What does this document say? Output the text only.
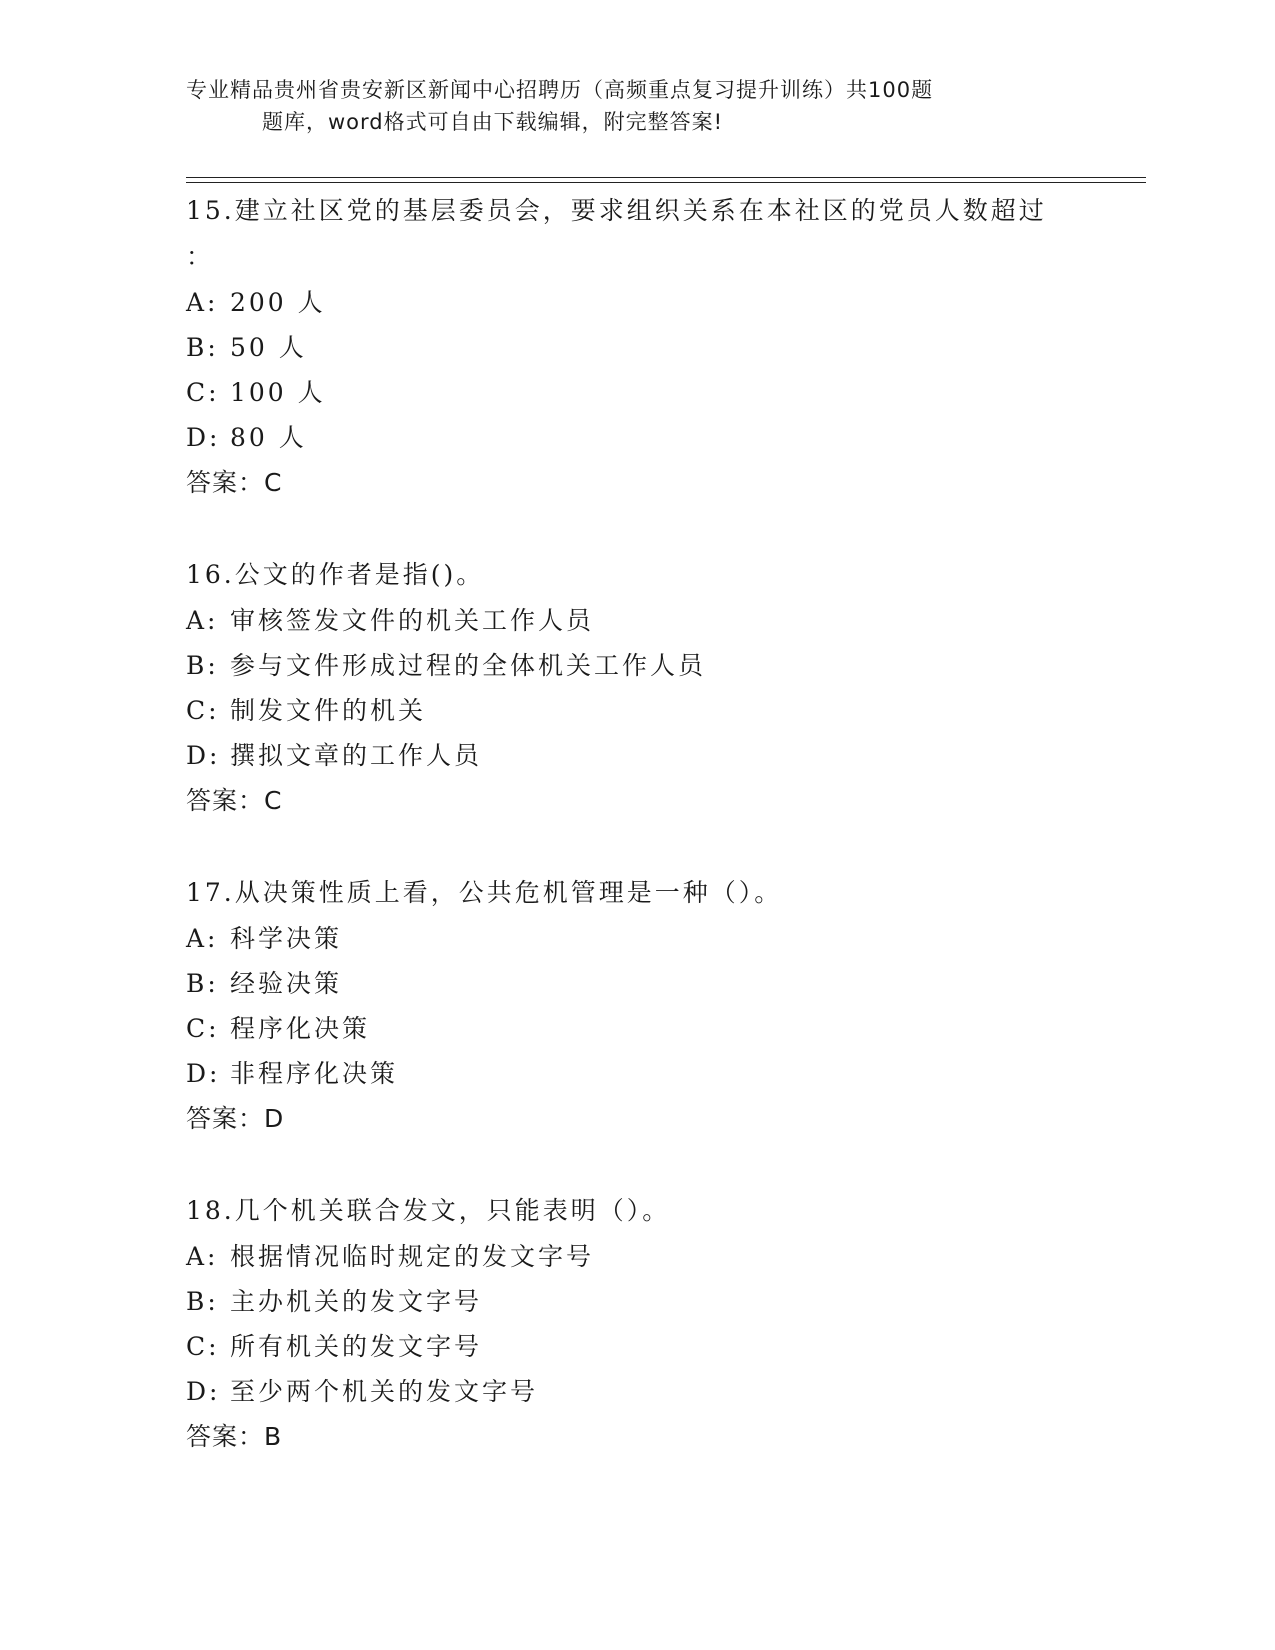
专业精品贵州省贵安新区新闻中心招聘历（高频重点复习提升训练）共100题
题库，word格式可自由下载编辑，附完整答案!
15.建立社区党的基层委员会，要求组织关系在本社区的党员人数超过
：
A: 200 人
B: 50 人
C: 100 人
D: 80 人
答案：C
16.公文的作者是指()。
A: 审核签发文件的机关工作人员
B: 参与文件形成过程的全体机关工作人员
C: 制发文件的机关
D: 撰拟文章的工作人员
答案：C
17.从决策性质上看，公共危机管理是一种（）。
A: 科学决策
B: 经验决策
C: 程序化决策
D: 非程序化决策
答案：D
18.几个机关联合发文，只能表明（）。
A: 根据情况临时规定的发文字号
B: 主办机关的发文字号
C: 所有机关的发文字号
D: 至少两个机关的发文字号
答案：B
